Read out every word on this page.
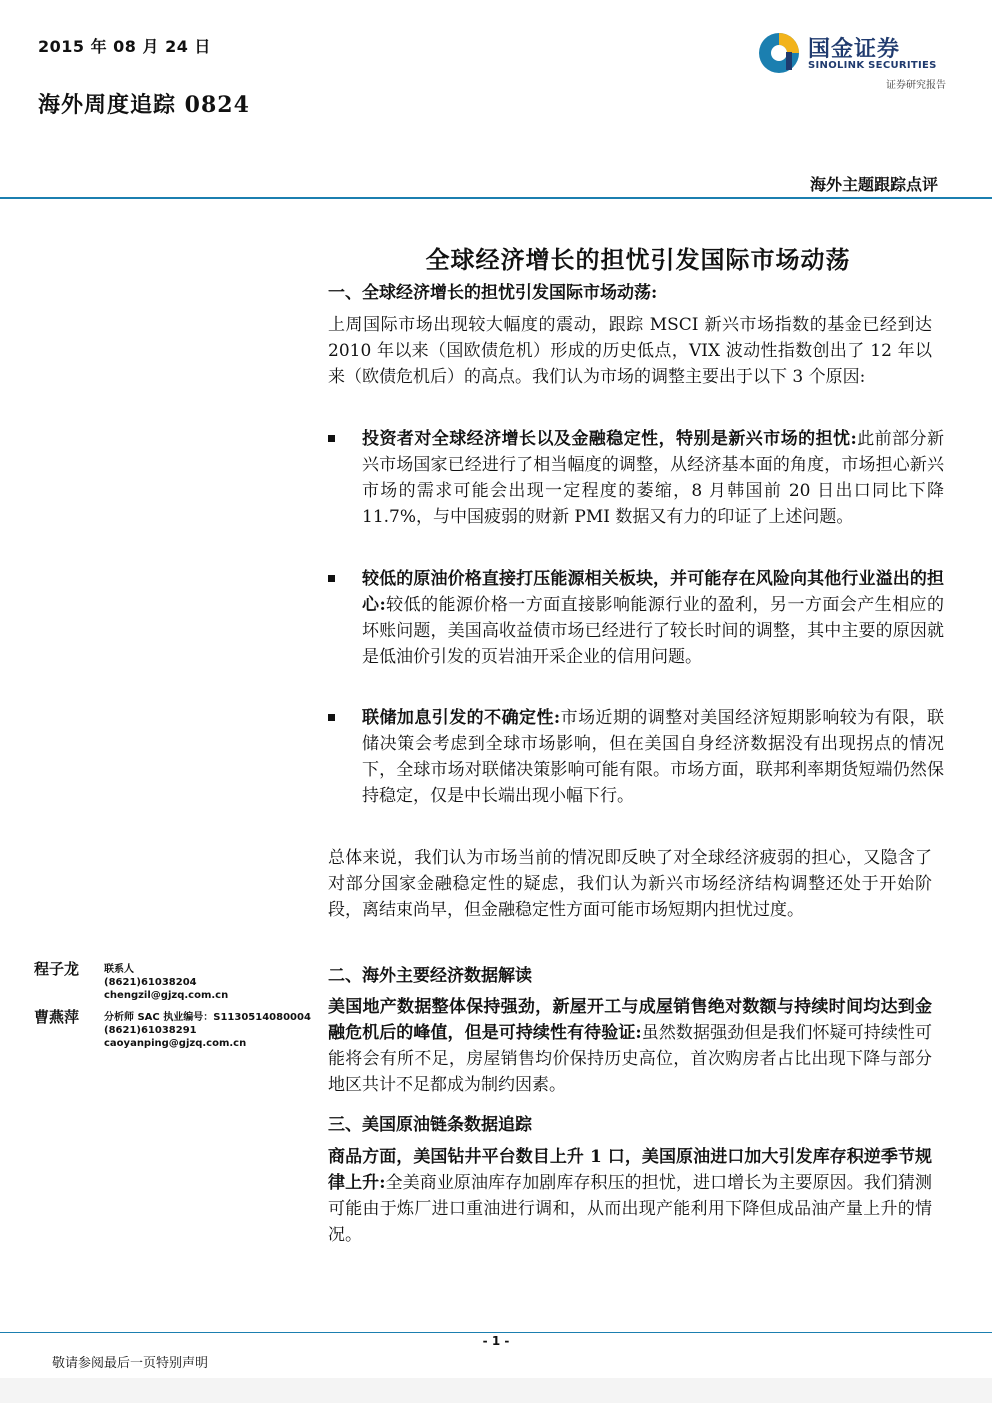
2015 年 08 月 24 日
海外周度追踪 0824
国金证券
SINOLINK SECURITIES
证券研究报告
海外主题跟踪点评
全球经济增长的担忧引发国际市场动荡
一、全球经济增长的担忧引发国际市场动荡:
上周国际市场出现较大幅度的震动，跟踪 MSCI 新兴市场指数的基金已经到达 2010 年以来（国欧债危机）形成的历史低点，VIX 波动性指数创出了 12 年以来（欧债危机后）的高点。我们认为市场的调整主要出于以下 3 个原因:
投资者对全球经济增长以及金融稳定性，特别是新兴市场的担忧:此前部分新兴市场国家已经进行了相当幅度的调整，从经济基本面的角度，市场担心新兴市场的需求可能会出现一定程度的萎缩，8 月韩国前 20 日出口同比下降 11.7%，与中国疲弱的财新 PMI 数据又有力的印证了上述问题。
较低的原油价格直接打压能源相关板块，并可能存在风险向其他行业溢出的担心:较低的能源价格一方面直接影响能源行业的盈利，另一方面会产生相应的坏账问题，美国高收益债市场已经进行了较长时间的调整，其中主要的原因就是低油价引发的页岩油开采企业的信用问题。
联储加息引发的不确定性:市场近期的调整对美国经济短期影响较为有限，联储决策会考虑到全球市场影响，但在美国自身经济数据没有出现拐点的情况下，全球市场对联储决策影响可能有限。市场方面，联邦利率期货短端仍然保持稳定，仅是中长端出现小幅下行。
总体来说，我们认为市场当前的情况即反映了对全球经济疲弱的担心，又隐含了对部分国家金融稳定性的疑虑，我们认为新兴市场经济结构调整还处于开始阶段，离结束尚早，但金融稳定性方面可能市场短期内担忧过度。
二、海外主要经济数据解读
美国地产数据整体保持强劲，新屋开工与成屋销售绝对数额与持续时间均达到金融危机后的峰值，但是可持续性有待验证:虽然数据强劲但是我们怀疑可持续性可能将会有所不足，房屋销售均价保持历史高位，首次购房者占比出现下降与部分地区共计不足都成为制约因素。
三、美国原油链条数据追踪
商品方面，美国钻井平台数目上升 1 口，美国原油进口加大引发库存积逆季节规律上升:全美商业原油库存加剧库存积压的担忧，进口增长为主要原因。我们猜测可能由于炼厂进口重油进行调和，从而出现产能利用下降但成品油产量上升的情况。
程子龙 联系人
(8621)61038204
chengzil@gjzq.com.cn
曹燕萍 分析师 SAC 执业编号：S1130514080004
(8621)61038291
caoyanping@gjzq.com.cn
- 1 -
敬请参阅最后一页特别声明
